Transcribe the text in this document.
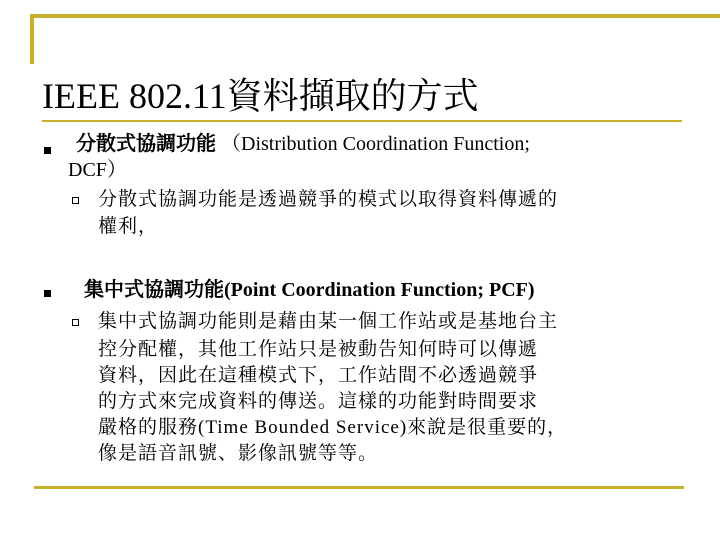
IEEE 802.11資料擷取的方式
分散式協調功能 （Distribution Coordination Function;
DCF）
分散式協調功能是透過競爭的模式以取得資料傳遞的
權利，
集中式協調功能(Point Coordination Function; PCF)
集中式協調功能則是藉由某一個工作站或是基地台主
控分配權，其他工作站只是被動告知何時可以傳遞
資料，因此在這種模式下，工作站間不必透過競爭
的方式來完成資料的傳送。這樣的功能對時間要求
嚴格的服務(Time Bounded Service)來說是很重要的，
像是語音訊號、影像訊號等等。
